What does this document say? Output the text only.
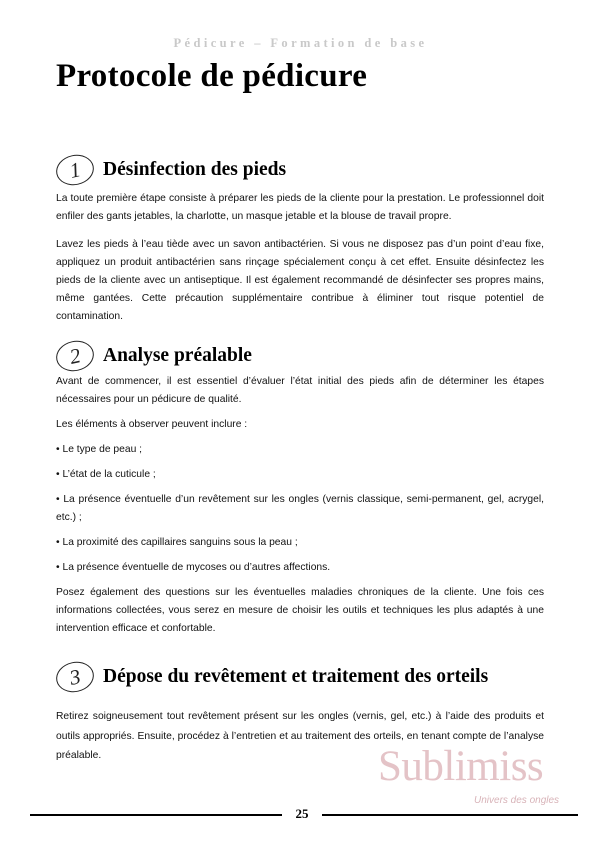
Pédicure – Formation de base
Protocole de pédicure
1	Désinfection des pieds

La toute première étape consiste à préparer les pieds de la cliente pour la prestation. Le professionnel doit enfiler des gants jetables, la charlotte, un masque jetable et la blouse de travail propre.

Lavez les pieds à l’eau tiède avec un savon antibactérien. Si vous ne disposez pas d’un point d’eau fixe, appliquez un produit antibactérien sans rinçage spécialement conçu à cet effet. Ensuite désinfectez les pieds de la cliente avec un antiseptique. Il est également recommandé de désinfecter ses propres mains, même gantées. Cette précaution supplémentaire contribue à éliminer tout risque potentiel de contamination.

2	Analyse préalable

Avant de commencer, il est essentiel d’évaluer l’état initial des pieds afin de déterminer les étapes nécessaires pour un pédicure de qualité.

Les éléments à observer peuvent inclure :

• Le type de peau ;

• L’état de la cuticule ;

• La présence éventuelle d’un revêtement sur les ongles (vernis classique, semi-permanent, gel, acrygel, etc.) ;

• La proximité des capillaires sanguins sous la peau ;

• La présence éventuelle de mycoses ou d’autres affections.

Posez également des questions sur les éventuelles maladies chroniques de la cliente. Une fois ces informations collectées, vous serez en mesure de choisir les outils et techniques les plus adaptés à une intervention efficace et confortable.

3	Dépose du revêtement et traitement des orteils

Retirez soigneusement tout revêtement présent sur les ongles (vernis, gel, etc.) à l’aide des produits et outils appropriés. Ensuite, procédez à l’entretien et au traitement des orteils, en tenant compte de l’analyse préalable.	Sublimiss
Univers des ongles
25
